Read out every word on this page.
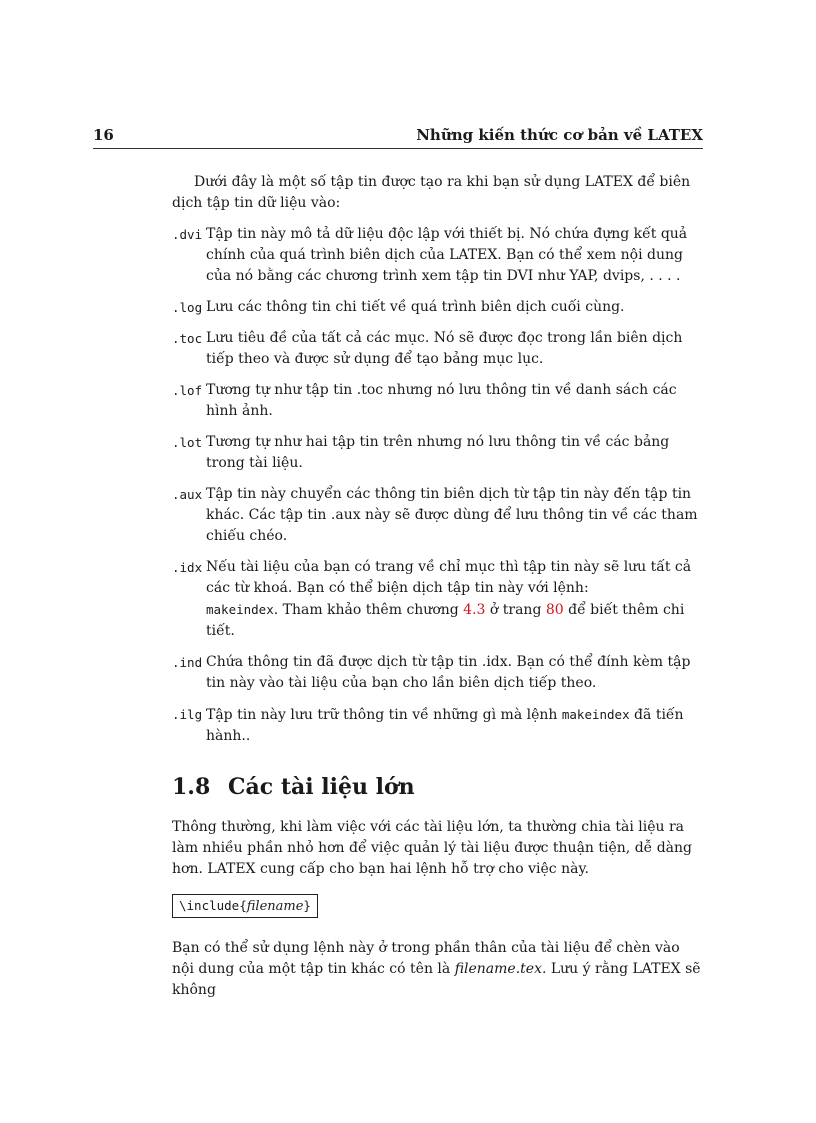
16	Những kiến thức cơ bản về LATEX

Dưới đây là một số tập tin được tạo ra khi bạn sử dụng LATEX để biên dịch tập tin dữ liệu vào:

.dvi Tập tin này mô tả dữ liệu độc lập với thiết bị. Nó chứa đựng kết quả chính của quá trình biên dịch của LATEX. Bạn có thể xem nội dung của nó bằng các chương trình xem tập tin DVI như YAP, dvips, . . . .
.log Lưu các thông tin chi tiết về quá trình biên dịch cuối cùng.
.toc Lưu tiêu đề của tất cả các mục. Nó sẽ được đọc trong lần biên dịch tiếp theo và được sử dụng để tạo bảng mục lục.
.lof Tương tự như tập tin .toc nhưng nó lưu thông tin về danh sách các hình ảnh.
.lot Tương tự như hai tập tin trên nhưng nó lưu thông tin về các bảng trong tài liệu.
.aux Tập tin này chuyển các thông tin biên dịch từ tập tin này đến tập tin khác. Các tập tin .aux này sẽ được dùng để lưu thông tin về các tham chiếu chéo.
.idx Nếu tài liệu của bạn có trang về chỉ mục thì tập tin này sẽ lưu tất cả các từ khoá. Bạn có thể biện dịch tập tin này với lệnh:
makeindex. Tham khảo thêm chương 4.3 ở trang 80 để biết thêm chi tiết.
.ind Chứa thông tin đã được dịch từ tập tin .idx. Bạn có thể đính kèm tập tin này vào tài liệu của bạn cho lần biên dịch tiếp theo.
.ilg Tập tin này lưu trữ thông tin về những gì mà lệnh makeindex đã tiến hành..
1.8 Các tài liệu lớn

Thông thường, khi làm việc với các tài liệu lớn, ta thường chia tài liệu ra làm nhiều phần nhỏ hơn để việc quản lý tài liệu được thuận tiện, dễ dàng hơn. LATEX cung cấp cho bạn hai lệnh hỗ trợ cho việc này.

\include{filename}

Bạn có thể sử dụng lệnh này ở trong phần thân của tài liệu để chèn vào nội dung của một tập tin khác có tên là filename.tex. Lưu ý rằng LATEX sẽ không
